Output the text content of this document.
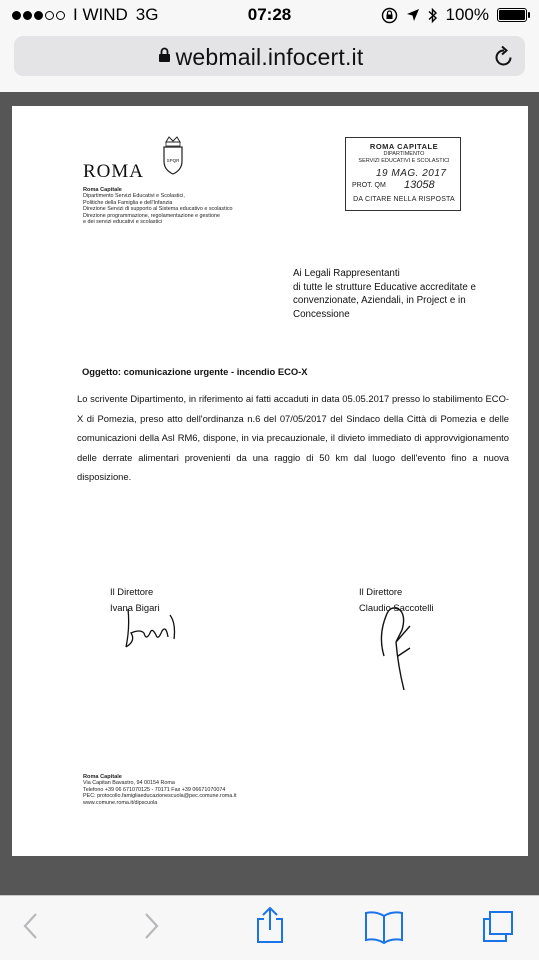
I WIND 3G	07:28	100%
webmail.infocert.it
ROMA
SPQR
Roma Capitale
Dipartimento Servizi Educativi e Scolastici,
Politiche della Famiglia e dell'Infanzia
Direzione Servizi di supporto al Sistema educativo e scolastico
Direzione programmazione, regolamentazione e gestione
e dei servizi educativi e scolastici
ROMA CAPITALE
DIPARTIMENTO
SERVIZI EDUCATIVI E SCOLASTICI
19 MAG. 2017
PROT. QM 13058
DA CITARE NELLA RISPOSTA
Ai Legali Rappresentanti
di tutte le strutture Educative accreditate e
convenzionate, Aziendali, in Project e in
Concessione
Oggetto: comunicazione urgente - incendio ECO-X
Lo scrivente Dipartimento, in riferimento ai fatti accaduti in data 05.05.2017 presso lo stabilimento ECO-X di Pomezia, preso atto dell'ordinanza n.6 del 07/05/2017 del Sindaco della Città di Pomezia e delle comunicazioni della Asl RM6, dispone, in via precauzionale, il divieto immediato di approvvigionamento delle derrate alimentari provenienti da una raggio di 50 km dal luogo dell'evento fino a nuova disposizione.
Il Direttore
Ivana Bigari
Il Direttore
Claudio Saccotelli
Roma Capitale
Via Capitan Bavastro, 94 00154 Roma
Telefono +39 06 671070125 - 70171 Fax +39 06671070074
PEC: protocollo.famigliaeducazionescuola@pec.comune.roma.it
www.comune.roma.it/dipscuola
